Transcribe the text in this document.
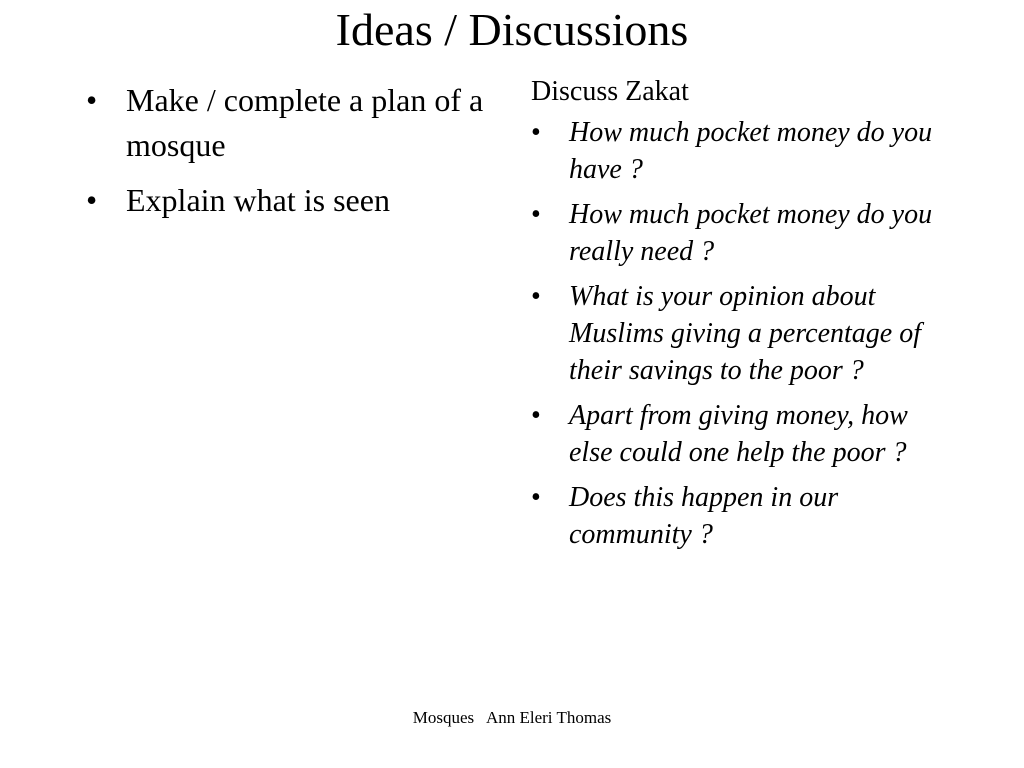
Ideas / Discussions
• Make / complete a plan of a mosque
• Explain what is seen
Discuss Zakat
•	How much pocket money do you have ?
•	How much pocket money do you really need ?
•	What is your opinion about Muslims giving a percentage of their savings to the poor ?
•	Apart from giving money, how else could one help the poor ?
•	Does this happen in our community ?
Mosques   Ann Eleri Thomas
